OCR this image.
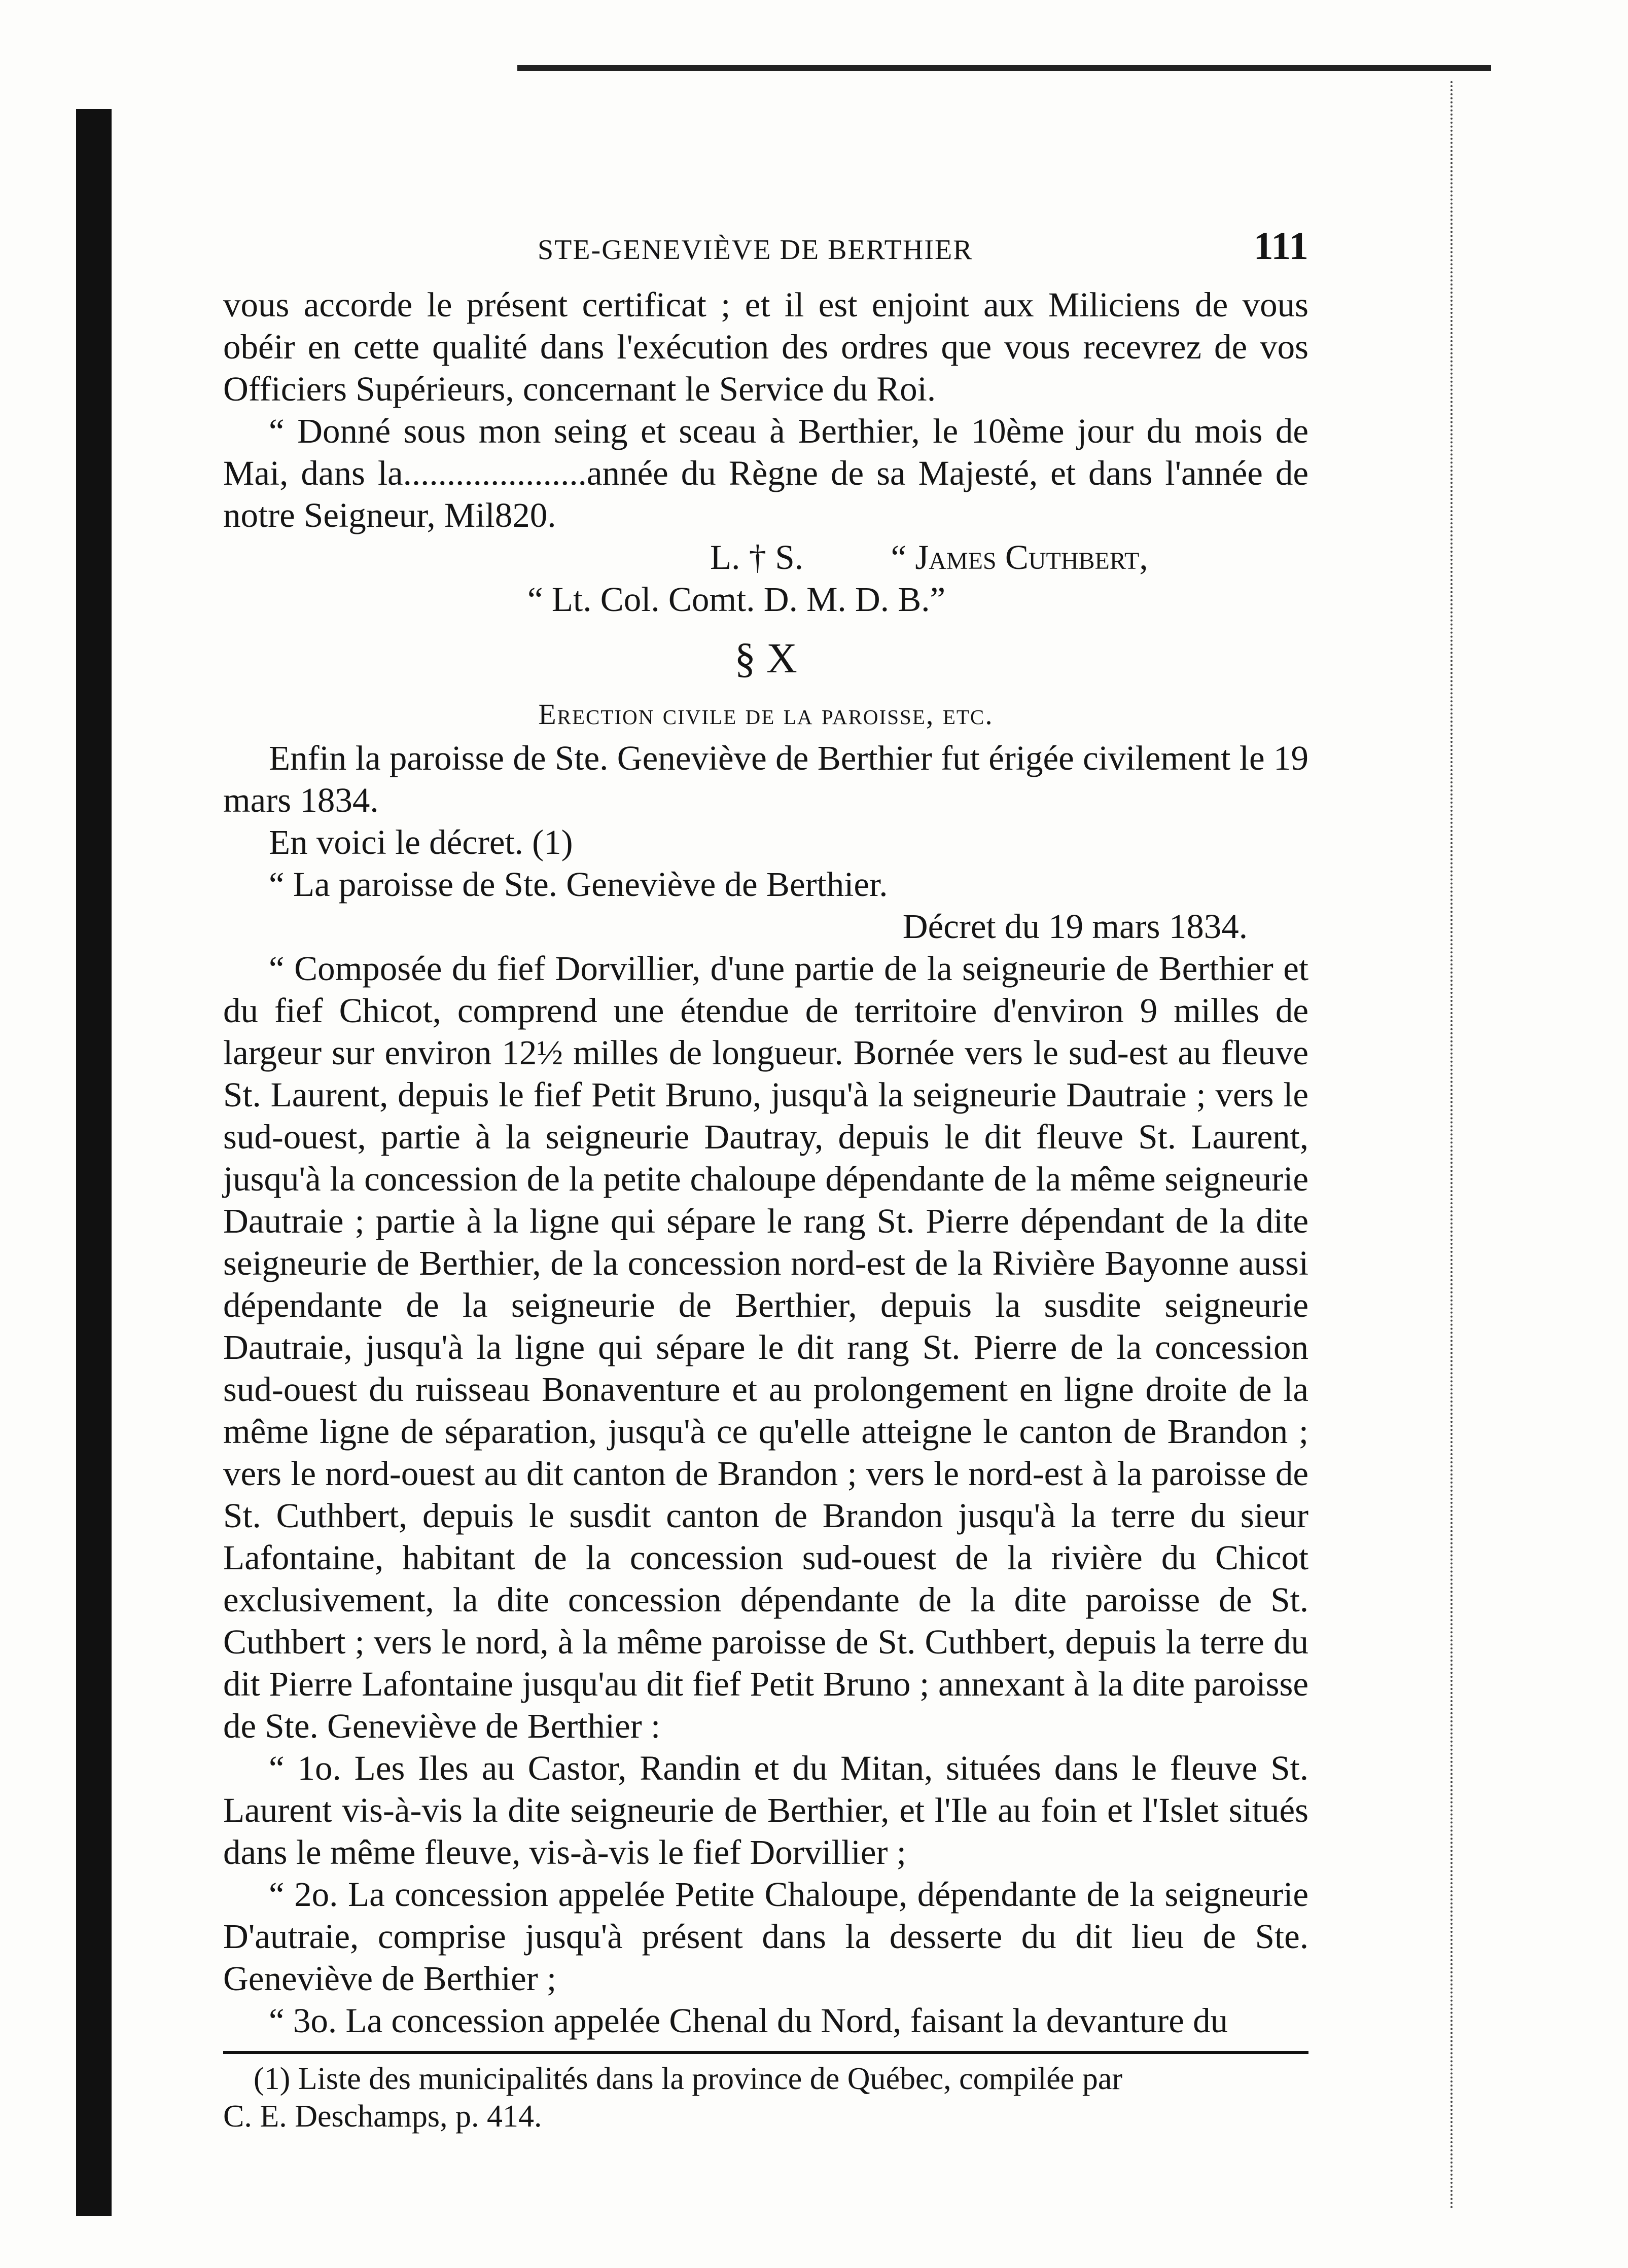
STE-GENEVIÈVE DE BERTHIER	111

vous accorde le présent certificat ; et il est enjoint aux Miliciens de vous obéir en cette qualité dans l'exécution des ordres que vous recevrez de vos Officiers Supérieurs, concernant le Service du Roi.

“ Donné sous mon seing et sceau à Berthier, le 10ème jour du mois de Mai, dans la.....................année du Règne de sa Majesté, et dans l'année de notre Seigneur, Mil820.

L. † S.	“ James Cuthbert,
“ Lt. Col. Comt. D. M. D. B.”
§ X
Erection civile de la paroisse, etc.

Enfin la paroisse de Ste. Geneviève de Berthier fut érigée civilement le 19 mars 1834.

En voici le décret. (1)

“ La paroisse de Ste. Geneviève de Berthier.

Décret du 19 mars 1834.

“ Composée du fief Dorvillier, d'une partie de la seigneurie de Berthier et du fief Chicot, comprend une étendue de territoire d'environ 9 milles de largeur sur environ 12½ milles de longueur. Bornée vers le sud-est au fleuve St. Laurent, depuis le fief Petit Bruno, jusqu'à la seigneurie Dautraie ; vers le sud-ouest, partie à la seigneurie Dautray, depuis le dit fleuve St. Laurent, jusqu'à la concession de la petite chaloupe dépendante de la même seigneurie Dautraie ; partie à la ligne qui sépare le rang St. Pierre dépendant de la dite seigneurie de Berthier, de la concession nord-est de la Rivière Bayonne aussi dépendante de la seigneurie de Berthier, depuis la susdite seigneurie Dautraie, jusqu'à la ligne qui sépare le dit rang St. Pierre de la concession sud-ouest du ruisseau Bonaventure et au prolongement en ligne droite de la même ligne de séparation, jusqu'à ce qu'elle atteigne le canton de Brandon ; vers le nord-ouest au dit canton de Brandon ; vers le nord-est à la paroisse de St. Cuthbert, depuis le susdit canton de Brandon jusqu'à la terre du sieur Lafontaine, habitant de la concession sud-ouest de la rivière du Chicot exclusivement, la dite concession dépendante de la dite paroisse de St. Cuthbert ; vers le nord, à la même paroisse de St. Cuthbert, depuis la terre du dit Pierre Lafontaine jusqu'au dit fief Petit Bruno ; annexant à la dite paroisse de Ste. Geneviève de Berthier :

“ 1o. Les Iles au Castor, Randin et du Mitan, situées dans le fleuve St. Laurent vis-à-vis la dite seigneurie de Berthier, et l'Ile au foin et l'Islet situés dans le même fleuve, vis-à-vis le fief Dorvillier ;

“ 2o. La concession appelée Petite Chaloupe, dépendante de la seigneurie D'autraie, comprise jusqu'à présent dans la desserte du dit lieu de Ste. Geneviève de Berthier ;

“ 3o. La concession appelée Chenal du Nord, faisant la devanture du

(1) Liste des municipalités dans la province de Québec, compilée par
C. E. Deschamps, p. 414.
